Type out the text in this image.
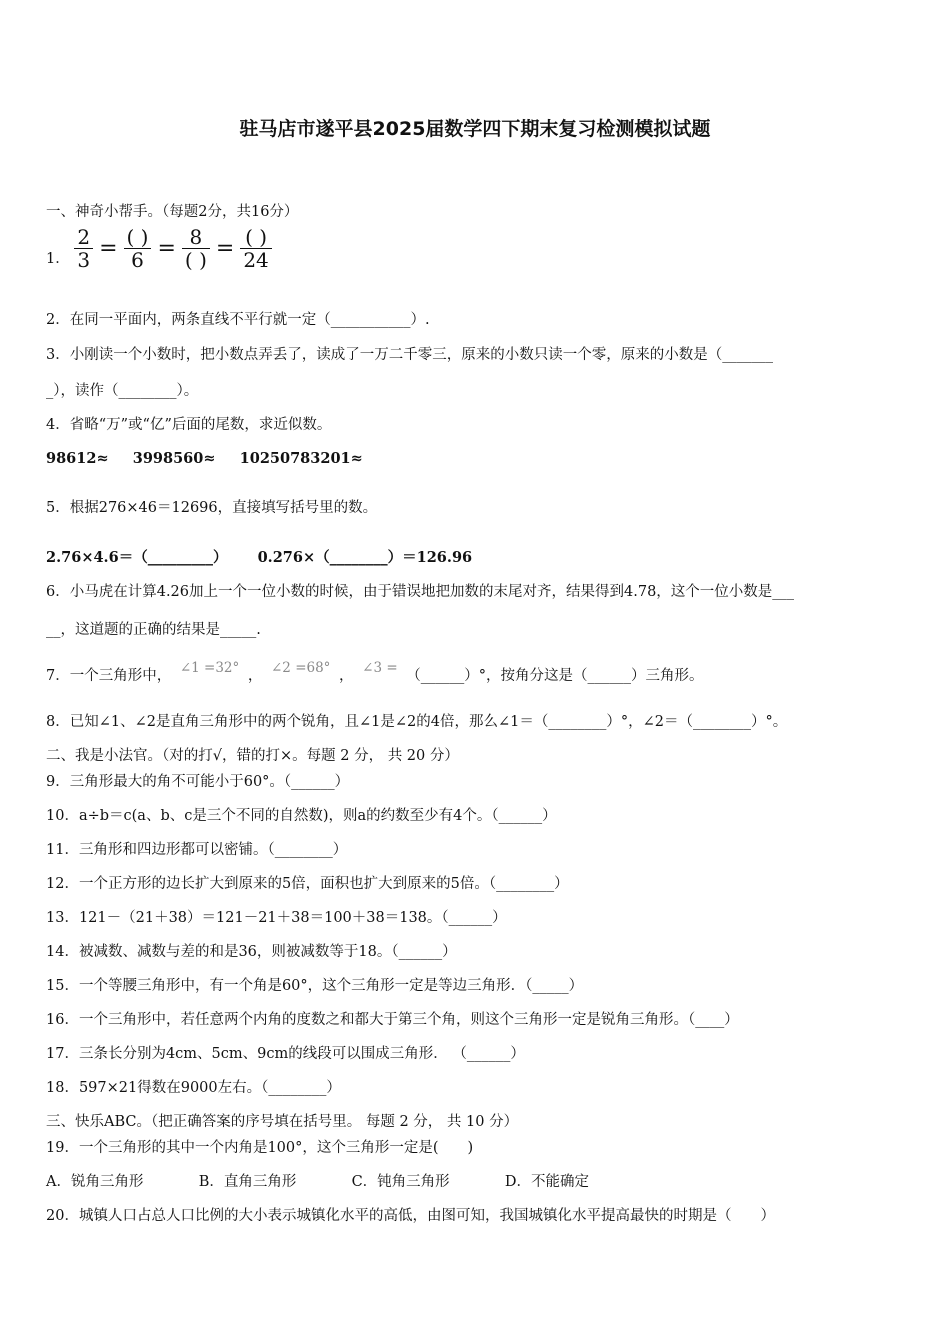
驻马店市遂平县2025届数学四下期末复习检测模拟试题
一、神奇小帮手。（每题2分，共16分）
1． $\frac{2}{3} = \frac{( )}{6} = \frac{8}{( )} = \frac{( )}{24}$
2．在同一平面内，两条直线不平行就一定（___________）.
3．小刚读一个小数时，把小数点弄丢了，读成了一万二千零三，原来的小数只读一个零，原来的小数是（_______
_），读作（________）。
4．省略“万”或“亿”后面的尾数，求近似数。
98612≈ 3998560≈ 10250783201≈
5．根据276×46＝12696，直接填写括号里的数。
2.76×4.6＝（_________） 0.276×（________）＝126.96
6．小马虎在计算4.26加上一个一位小数的时候，由于错误地把加数的末尾对齐，结果得到4.78，这个一位小数是___
__，这道题的正确的结果是_____.
7．一个三角形中， ∠1 =32° ， ∠2 =68° ， ∠3 = （______）°，按角分这是（______）三角形。
8．已知∠1、∠2是直角三角形中的两个锐角，且∠1是∠2的4倍，那么∠1＝（________）°，∠2＝（________）°。
二、我是小法官。（对的打√，错的打×。每题 2 分， 共 20 分）
9．三角形最大的角不可能小于60°。（______）
10．a÷b＝c(a、b、c是三个不同的自然数)，则a的约数至少有4个。（______）
11．三角形和四边形都可以密铺。（________）
12．一个正方形的边长扩大到原来的5倍，面积也扩大到原来的5倍。（________）
13．121－（21＋38）＝121－21＋38＝100＋38＝138。（______）
14．被减数、减数与差的和是36，则被减数等于18。（______）
15．一个等腰三角形中，有一个角是60°，这个三角形一定是等边三角形．（_____）
16．一个三角形中，若任意两个内角的度数之和都大于第三个角，则这个三角形一定是锐角三角形。（____）
17．三条长分别为4cm、5cm、9cm的线段可以围成三角形． （______）
18．597×21得数在9000左右。（________）
三、快乐ABC。（把正确答案的序号填在括号里。 每题 2 分， 共 10 分）
19．一个三角形的其中一个内角是100°，这个三角形一定是(　　)
A．锐角三角形	B．直角三角形	C．钝角三角形	D．不能确定
20．城镇人口占总人口比例的大小表示城镇化水平的高低，由图可知，我国城镇化水平提高最快的时期是（　　）
